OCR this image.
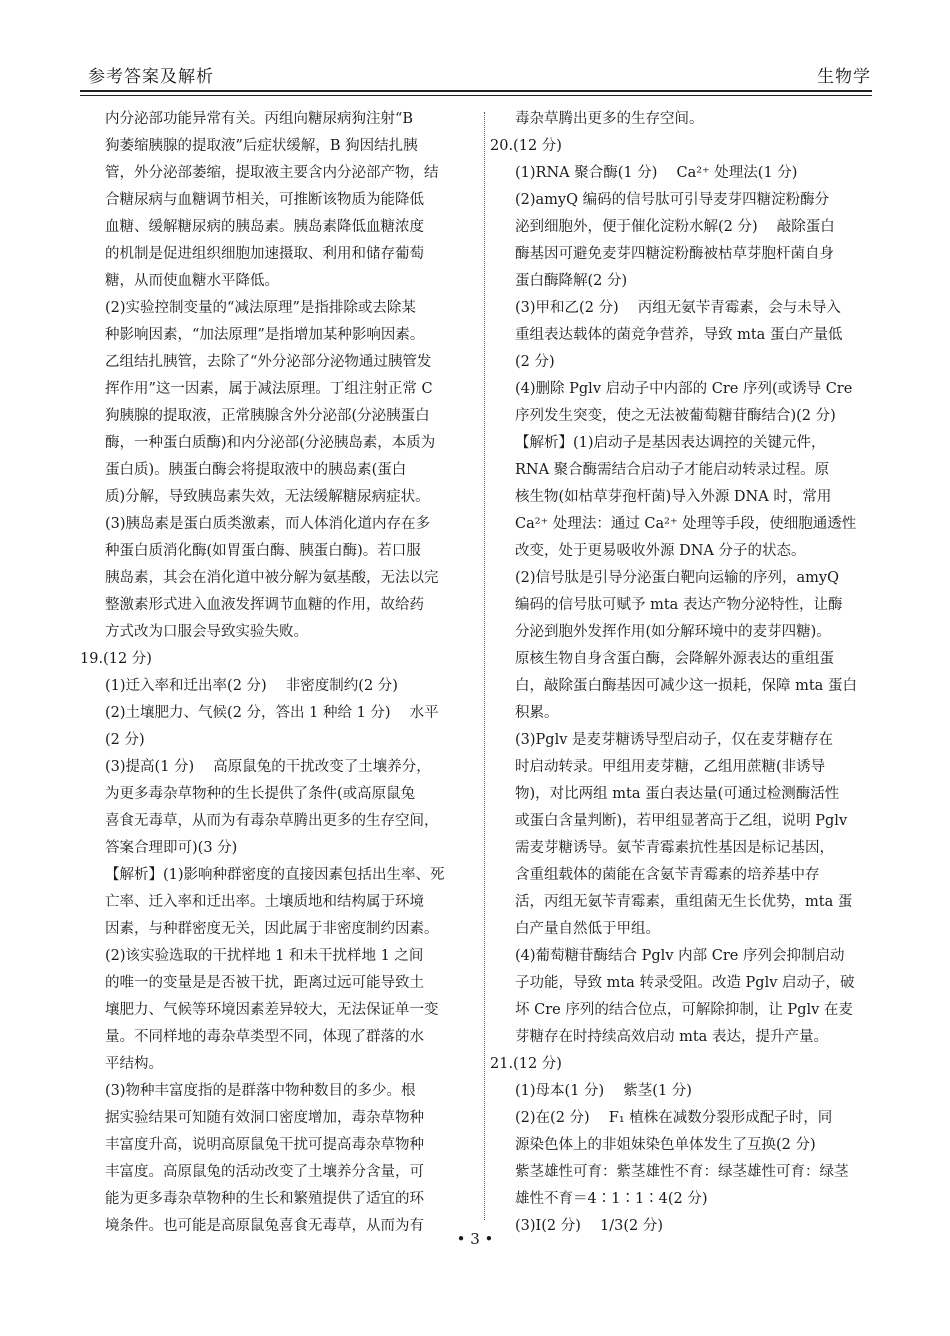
参考答案及解析	生物学
内分泌部功能异常有关。丙组向糖尿病狗注射“B
狗萎缩胰腺的提取液”后症状缓解，B 狗因结扎胰
管，外分泌部萎缩，提取液主要含内分泌部产物，结
合糖尿病与血糖调节相关，可推断该物质为能降低
血糖、缓解糖尿病的胰岛素。胰岛素降低血糖浓度
的机制是促进组织细胞加速摄取、利用和储存葡萄
糖，从而使血糖水平降低。
(2)实验控制变量的“减法原理”是指排除或去除某
种影响因素，“加法原理”是指增加某种影响因素。
乙组结扎胰管，去除了“外分泌部分泌物通过胰管发
挥作用”这一因素，属于减法原理。丁组注射正常 C
狗胰腺的提取液，正常胰腺含外分泌部(分泌胰蛋白
酶，一种蛋白质酶)和内分泌部(分泌胰岛素，本质为
蛋白质)。胰蛋白酶会将提取液中的胰岛素(蛋白
质)分解，导致胰岛素失效，无法缓解糖尿病症状。
(3)胰岛素是蛋白质类激素，而人体消化道内存在多
种蛋白质消化酶(如胃蛋白酶、胰蛋白酶)。若口服
胰岛素，其会在消化道中被分解为氨基酸，无法以完
整激素形式进入血液发挥调节血糖的作用，故给药
方式改为口服会导致实验失败。
19.(12 分)
(1)迁入率和迁出率(2 分)　 非密度制约(2 分)
(2)土壤肥力、气候(2 分，答出 1 种给 1 分)　 水平
(2 分)
(3)提高(1 分)　 高原鼠兔的干扰改变了土壤养分，
为更多毒杂草物种的生长提供了条件(或高原鼠兔
喜食无毒草，从而为有毒杂草腾出更多的生存空间，
答案合理即可)(3 分)
【解析】(1)影响种群密度的直接因素包括出生率、死
亡率、迁入率和迁出率。土壤质地和结构属于环境
因素，与种群密度无关，因此属于非密度制约因素。
(2)该实验选取的干扰样地 1 和未干扰样地 1 之间
的唯一的变量是是否被干扰，距离过远可能导致土
壤肥力、气候等环境因素差异较大，无法保证单一变
量。不同样地的毒杂草类型不同，体现了群落的水
平结构。
(3)物种丰富度指的是群落中物种数目的多少。根
据实验结果可知随有效洞口密度增加，毒杂草物种
丰富度升高，说明高原鼠兔干扰可提高毒杂草物种
丰富度。高原鼠兔的活动改变了土壤养分含量，可
能为更多毒杂草物种的生长和繁殖提供了适宜的环
境条件。也可能是高原鼠兔喜食无毒草，从而为有
毒杂草腾出更多的生存空间。
20.(12 分)
(1)RNA 聚合酶(1 分)　 Ca²⁺ 处理法(1 分)
(2)amyQ 编码的信号肽可引导麦芽四糖淀粉酶分
泌到细胞外，便于催化淀粉水解(2 分)　 敲除蛋白
酶基因可避免麦芽四糖淀粉酶被枯草芽胞杆菌自身
蛋白酶降解(2 分)
(3)甲和乙(2 分)　 丙组无氨苄青霉素，会与未导入
重组表达载体的菌竞争营养，导致 mta 蛋白产量低
(2 分)
(4)删除 Pglv 启动子中内部的 Cre 序列(或诱导 Cre
序列发生突变，使之无法被葡萄糖苷酶结合)(2 分)
【解析】(1)启动子是基因表达调控的关键元件，
RNA 聚合酶需结合启动子才能启动转录过程。原
核生物(如枯草芽孢杆菌)导入外源 DNA 时，常用
Ca²⁺ 处理法：通过 Ca²⁺ 处理等手段，使细胞通透性
改变，处于更易吸收外源 DNA 分子的状态。
(2)信号肽是引导分泌蛋白靶向运输的序列，amyQ
编码的信号肽可赋予 mta 表达产物分泌特性，让酶
分泌到胞外发挥作用(如分解环境中的麦芽四糖)。
原核生物自身含蛋白酶，会降解外源表达的重组蛋
白，敲除蛋白酶基因可减少这一损耗，保障 mta 蛋白
积累。
(3)Pglv 是麦芽糖诱导型启动子，仅在麦芽糖存在
时启动转录。甲组用麦芽糖，乙组用蔗糖(非诱导
物)，对比两组 mta 蛋白表达量(可通过检测酶活性
或蛋白含量判断)，若甲组显著高于乙组，说明 Pglv
需麦芽糖诱导。氨苄青霉素抗性基因是标记基因，
含重组载体的菌能在含氨苄青霉素的培养基中存
活，丙组无氨苄青霉素，重组菌无生长优势，mta 蛋
白产量自然低于甲组。
(4)葡萄糖苷酶结合 Pglv 内部 Cre 序列会抑制启动
子功能，导致 mta 转录受阻。改造 Pglv 启动子，破
坏 Cre 序列的结合位点，可解除抑制，让 Pglv 在麦
芽糖存在时持续高效启动 mta 表达，提升产量。
21.(12 分)
(1)母本(1 分)　 紫茎(1 分)
(2)在(2 分)　 F₁ 植株在减数分裂形成配子时，同
源染色体上的非姐妹染色单体发生了互换(2 分)
紫茎雄性可育：紫茎雄性不育：绿茎雄性可育：绿茎
雄性不育＝4∶1∶1∶4(2 分)
(3)Ⅰ(2 分)　 1/3(2 分)
• 3 •
